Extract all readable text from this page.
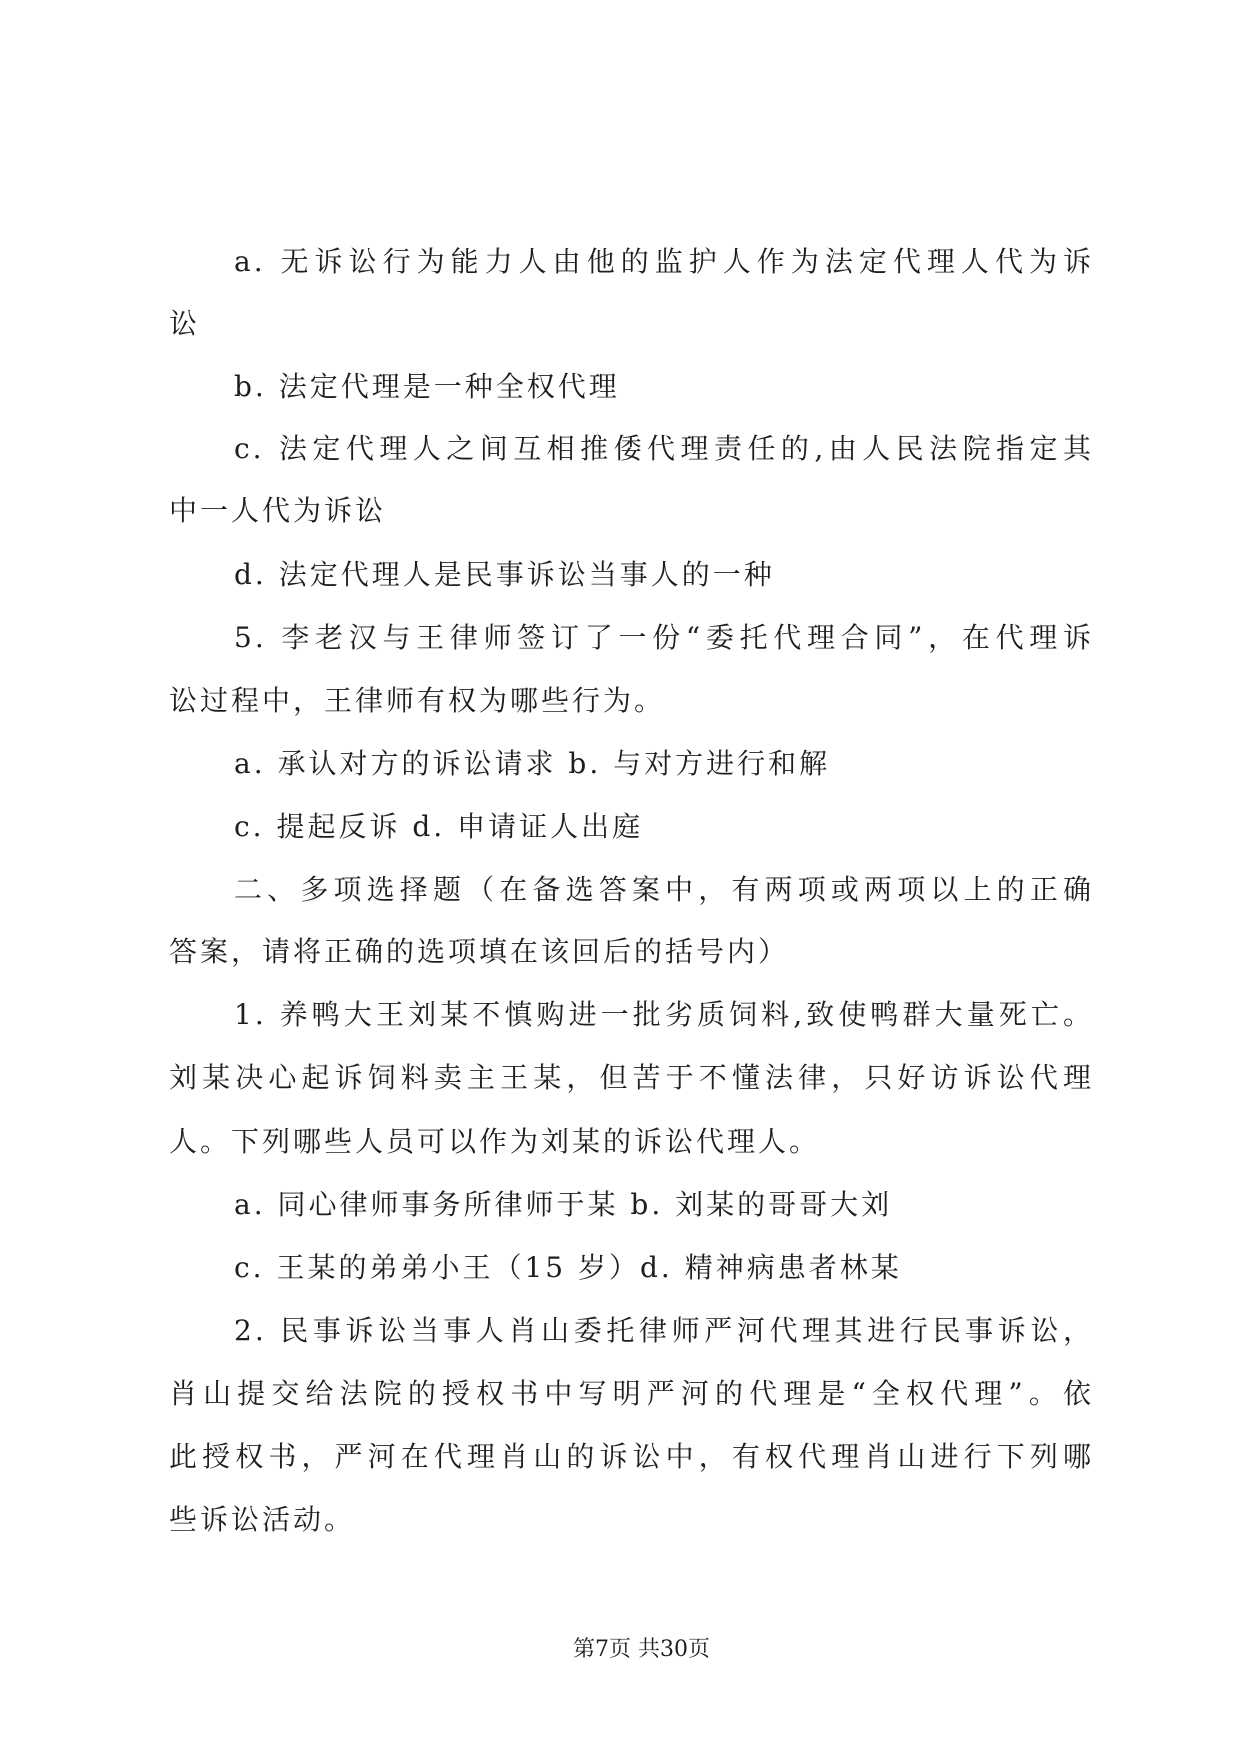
a. 无诉讼行为能力人由他的监护人作为法定代理人代为诉
讼
b. 法定代理是一种全权代理
c. 法定代理人之间互相推倭代理责任的,由人民法院指定其
中一人代为诉讼
d. 法定代理人是民事诉讼当事人的一种
5. 李老汉与王律师签订了一份“委托代理合同”，在代理诉
讼过程中，王律师有权为哪些行为。
a. 承认对方的诉讼请求 b. 与对方进行和解
c. 提起反诉 d. 申请证人出庭
二、多项选择题（在备选答案中，有两项或两项以上的正确
答案，请将正确的选项填在该回后的括号内）
1. 养鸭大王刘某不慎购进一批劣质饲料,致使鸭群大量死亡。
刘某决心起诉饲料卖主王某，但苦于不懂法律，只好访诉讼代理
人。下列哪些人员可以作为刘某的诉讼代理人。
a. 同心律师事务所律师于某 b. 刘某的哥哥大刘
c. 王某的弟弟小王（15 岁）d. 精神病患者林某
2. 民事诉讼当事人肖山委托律师严河代理其进行民事诉讼，
肖山提交给法院的授权书中写明严河的代理是“全权代理”。依
此授权书，严河在代理肖山的诉讼中，有权代理肖山进行下列哪
些诉讼活动。
第7页 共30页
